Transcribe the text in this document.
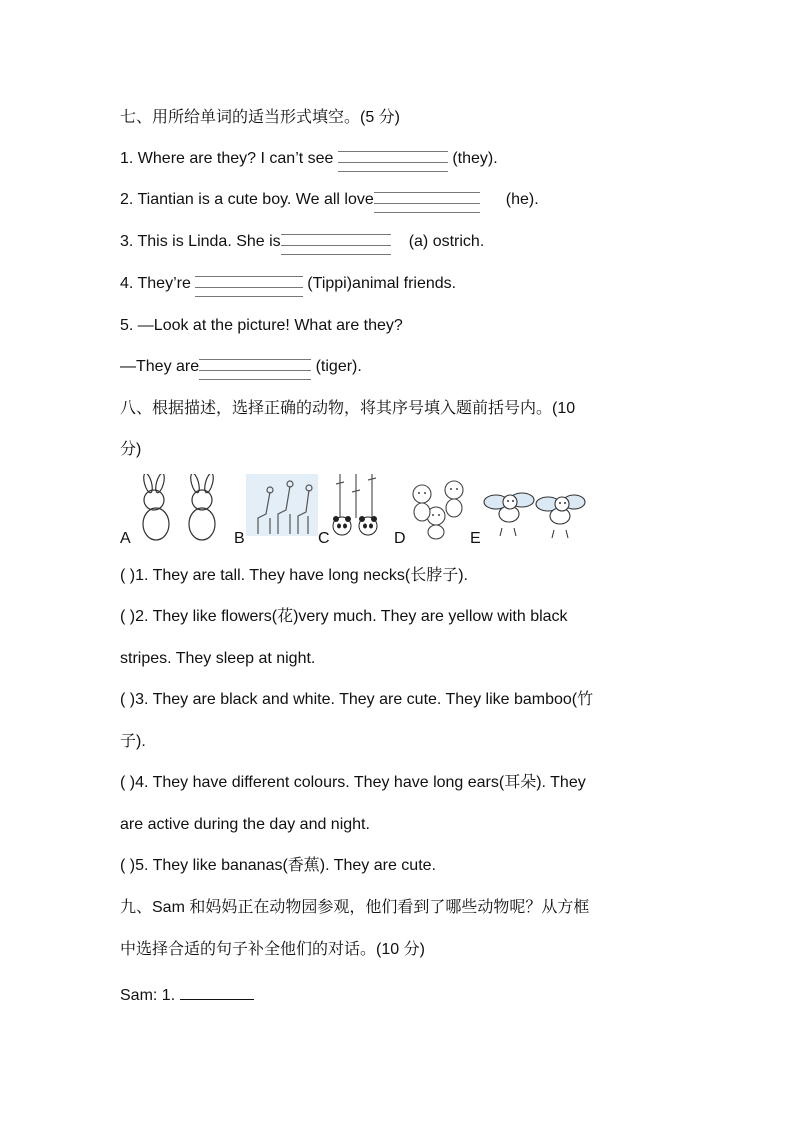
七、用所给单词的适当形式填空。(5 分)
1. Where are they? I can’t see	(they).
2. Tiantian is a cute boy. We all love	(he).
3. This is Linda. She is	(a) ostrich.
4. They’re	(Tippi)animal friends.
5. —Look at the picture! What are they?
—They are	(tiger).
八、根据描述，选择正确的动物，将其序号填入题前括号内。(10
分)
A	B	C	D	E
( )1. They are tall. They have long necks(长脖子).
( )2. They like flowers(花)very much. They are yellow with black
stripes. They sleep at night.
( )3. They are black and white. They are cute. They like bamboo(竹
子).
( )4. They have different colours. They have long ears(耳朵). They
are active during the day and night.
( )5. They like bananas(香蕉). They are cute.
九、Sam 和妈妈正在动物园参观，他们看到了哪些动物呢？从方框
中选择合适的句子补全他们的对话。(10 分)
Sam: 1.
